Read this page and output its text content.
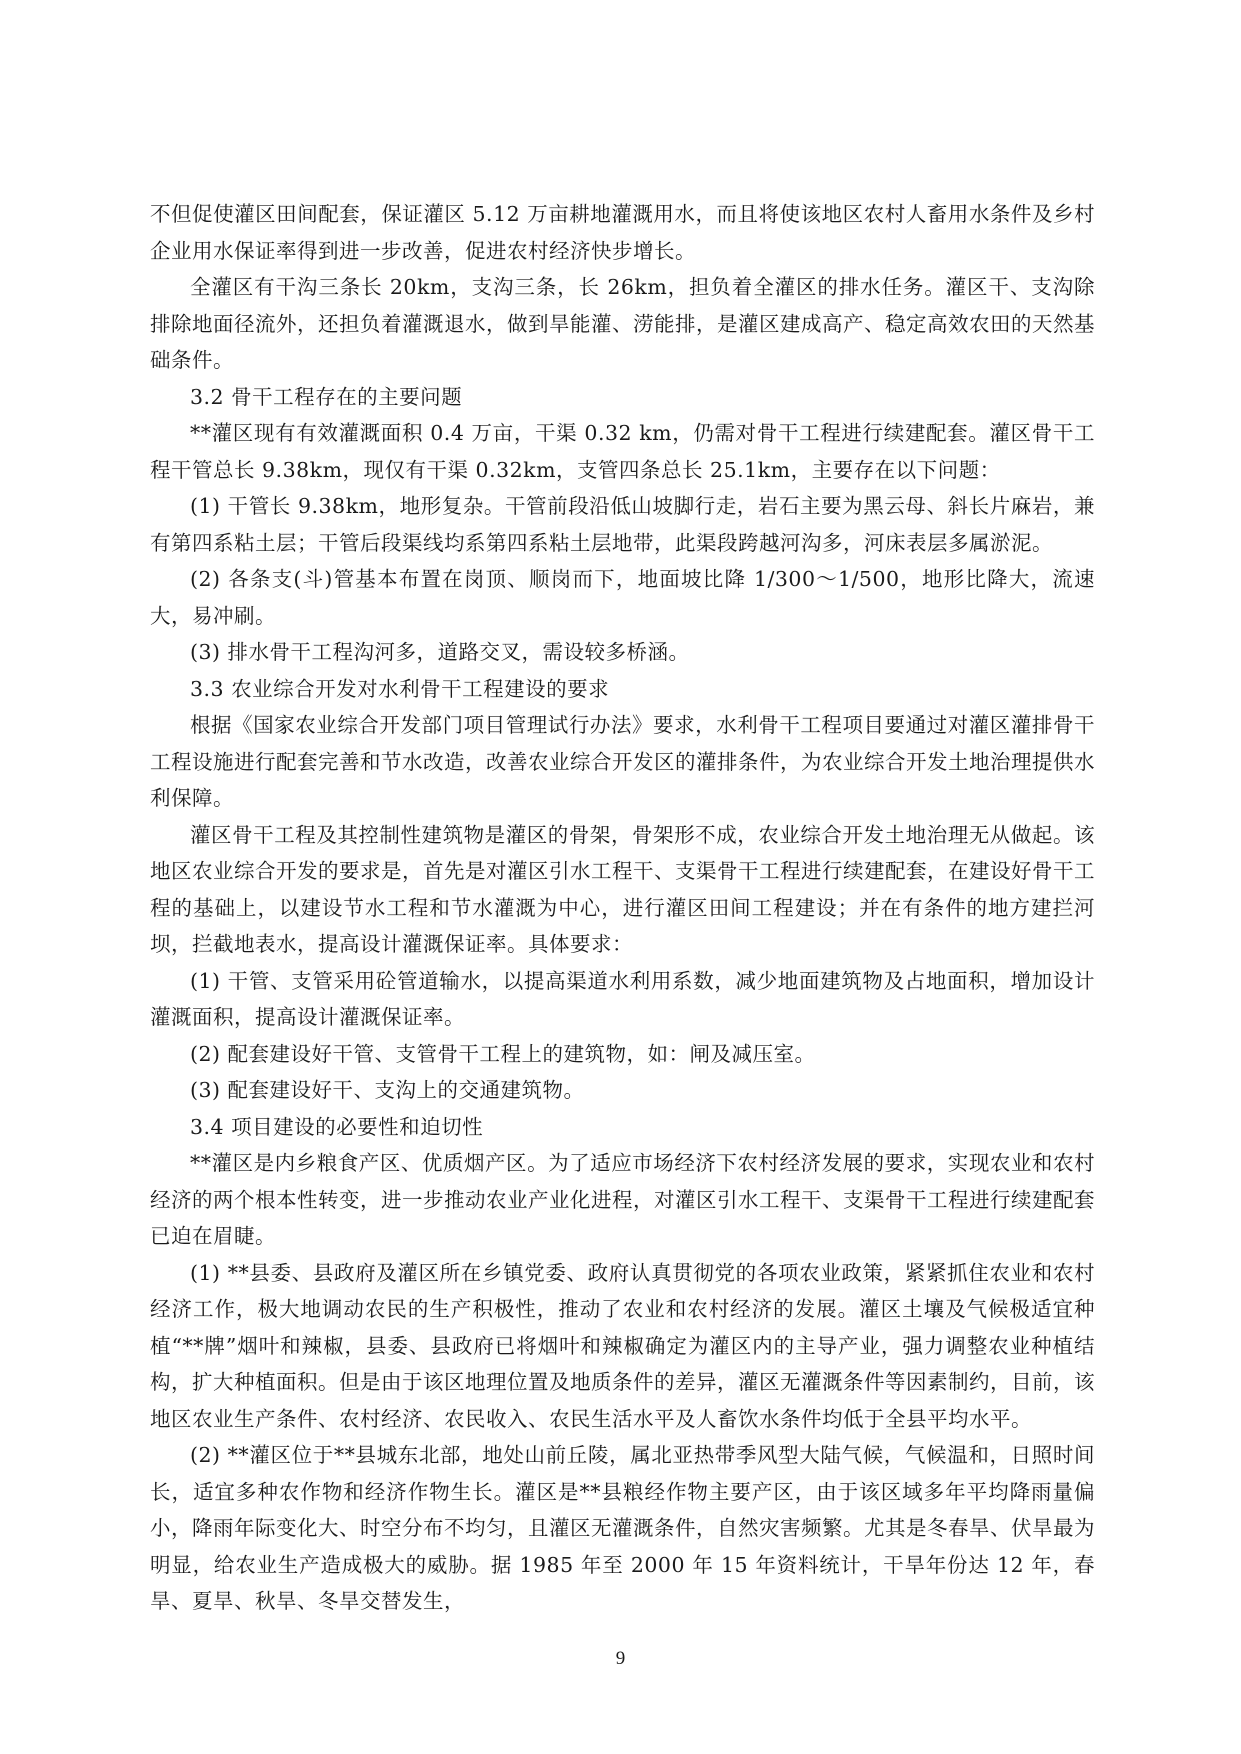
不但促使灌区田间配套，保证灌区 5.12 万亩耕地灌溉用水，而且将使该地区农村人畜用水条件及乡村企业用水保证率得到进一步改善，促进农村经济快步增长。

全灌区有干沟三条长 20km，支沟三条，长 26km，担负着全灌区的排水任务。灌区干、支沟除排除地面径流外，还担负着灌溉退水，做到旱能灌、涝能排，是灌区建成高产、稳定高效农田的天然基础条件。

3.2 骨干工程存在的主要问题

**灌区现有有效灌溉面积 0.4 万亩，干渠 0.32 km，仍需对骨干工程进行续建配套。灌区骨干工程干管总长 9.38km，现仅有干渠 0.32km，支管四条总长 25.1km，主要存在以下问题：

(1) 干管长 9.38km，地形复杂。干管前段沿低山坡脚行走，岩石主要为黑云母、斜长片麻岩，兼有第四系粘土层；干管后段渠线均系第四系粘土层地带，此渠段跨越河沟多，河床表层多属淤泥。

(2) 各条支(斗)管基本布置在岗顶、顺岗而下，地面坡比降 1/300～1/500，地形比降大，流速大，易冲刷。

(3) 排水骨干工程沟河多，道路交叉，需设较多桥涵。

3.3 农业综合开发对水利骨干工程建设的要求

根据《国家农业综合开发部门项目管理试行办法》要求，水利骨干工程项目要通过对灌区灌排骨干工程设施进行配套完善和节水改造，改善农业综合开发区的灌排条件，为农业综合开发土地治理提供水利保障。

灌区骨干工程及其控制性建筑物是灌区的骨架，骨架形不成，农业综合开发土地治理无从做起。该地区农业综合开发的要求是，首先是对灌区引水工程干、支渠骨干工程进行续建配套，在建设好骨干工程的基础上，以建设节水工程和节水灌溉为中心，进行灌区田间工程建设；并在有条件的地方建拦河坝，拦截地表水，提高设计灌溉保证率。具体要求：

(1) 干管、支管采用砼管道输水，以提高渠道水利用系数，减少地面建筑物及占地面积，增加设计灌溉面积，提高设计灌溉保证率。

(2) 配套建设好干管、支管骨干工程上的建筑物，如：闸及减压室。

(3) 配套建设好干、支沟上的交通建筑物。

3.4 项目建设的必要性和迫切性

**灌区是内乡粮食产区、优质烟产区。为了适应市场经济下农村经济发展的要求，实现农业和农村经济的两个根本性转变，进一步推动农业产业化进程，对灌区引水工程干、支渠骨干工程进行续建配套已迫在眉睫。

(1) **县委、县政府及灌区所在乡镇党委、政府认真贯彻党的各项农业政策，紧紧抓住农业和农村经济工作，极大地调动农民的生产积极性，推动了农业和农村经济的发展。灌区土壤及气候极适宜种植“**牌”烟叶和辣椒，县委、县政府已将烟叶和辣椒确定为灌区内的主导产业，强力调整农业种植结构，扩大种植面积。但是由于该区地理位置及地质条件的差异，灌区无灌溉条件等因素制约，目前，该地区农业生产条件、农村经济、农民收入、农民生活水平及人畜饮水条件均低于全县平均水平。

(2) **灌区位于**县城东北部，地处山前丘陵，属北亚热带季风型大陆气候，气候温和，日照时间长，适宜多种农作物和经济作物生长。灌区是**县粮经作物主要产区，由于该区域多年平均降雨量偏小，降雨年际变化大、时空分布不均匀，且灌区无灌溉条件，自然灾害频繁。尤其是冬春旱、伏旱最为明显，给农业生产造成极大的威胁。据 1985 年至 2000 年 15 年资料统计，干旱年份达 12 年，春旱、夏旱、秋旱、冬旱交替发生，

9
